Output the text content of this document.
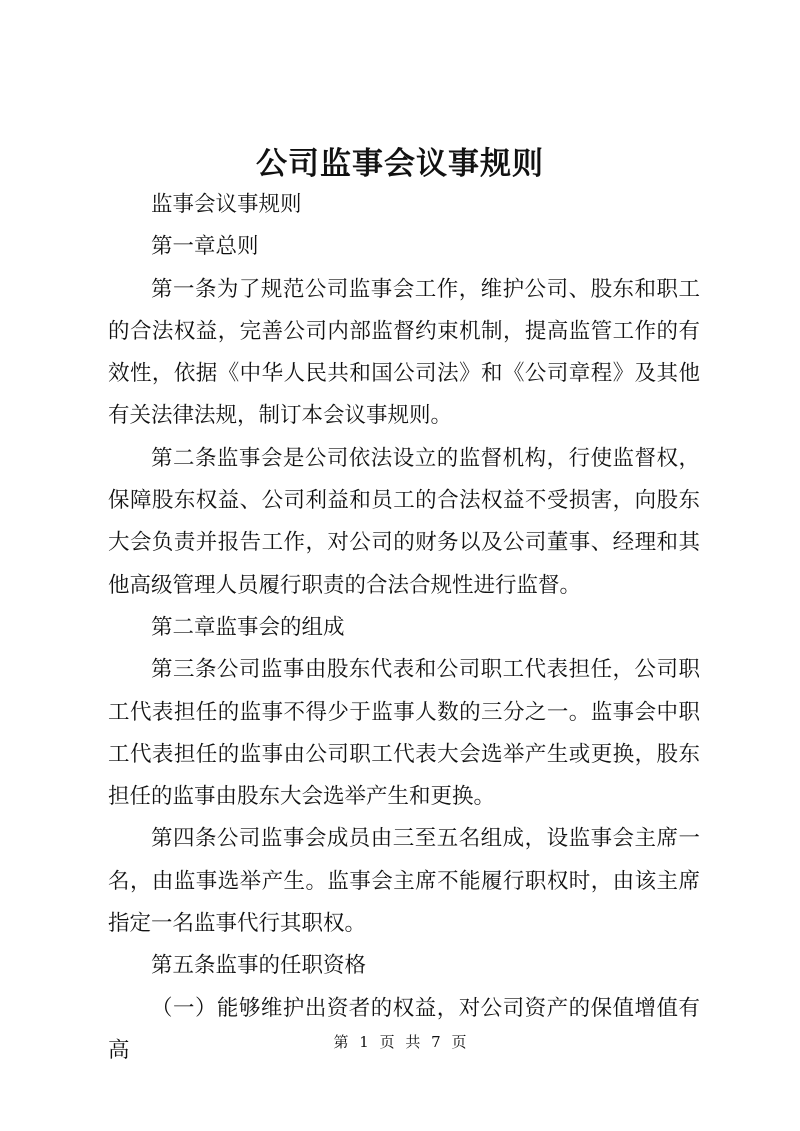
公司监事会议事规则

监事会议事规则

第一章总则

第一条为了规范公司监事会工作，维护公司、股东和职工的合法权益，完善公司内部监督约束机制，提高监管工作的有效性，依据《中华人民共和国公司法》和《公司章程》及其他有关法律法规，制订本会议事规则。

第二条监事会是公司依法设立的监督机构，行使监督权，保障股东权益、公司利益和员工的合法权益不受损害，向股东大会负责并报告工作，对公司的财务以及公司董事、经理和其他高级管理人员履行职责的合法合规性进行监督。

第二章监事会的组成

第三条公司监事由股东代表和公司职工代表担任，公司职工代表担任的监事不得少于监事人数的三分之一。监事会中职工代表担任的监事由公司职工代表大会选举产生或更换，股东担任的监事由股东大会选举产生和更换。

第四条公司监事会成员由三至五名组成，设监事会主席一名，由监事选举产生。监事会主席不能履行职权时，由该主席指定一名监事代行其职权。

第五条监事的任职资格

（一）能够维护出资者的权益，对公司资产的保值增值有高	第 1 页 共 7 页
